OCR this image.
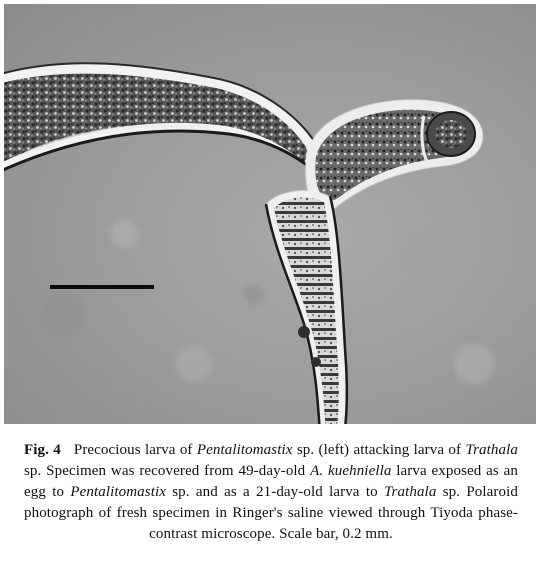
Fig. 4 Precocious larva of Pentalitomastix sp. (left) attacking larva of Trathala sp. Specimen was recovered from 49-day-old A. kuehniella larva exposed as an egg to Pentalitomastix sp. and as a 21-day-old larva to Trathala sp. Polaroid photograph of fresh specimen in Ringer's saline viewed through Tiyoda phase-contrast microscope. Scale bar, 0.2 mm.
